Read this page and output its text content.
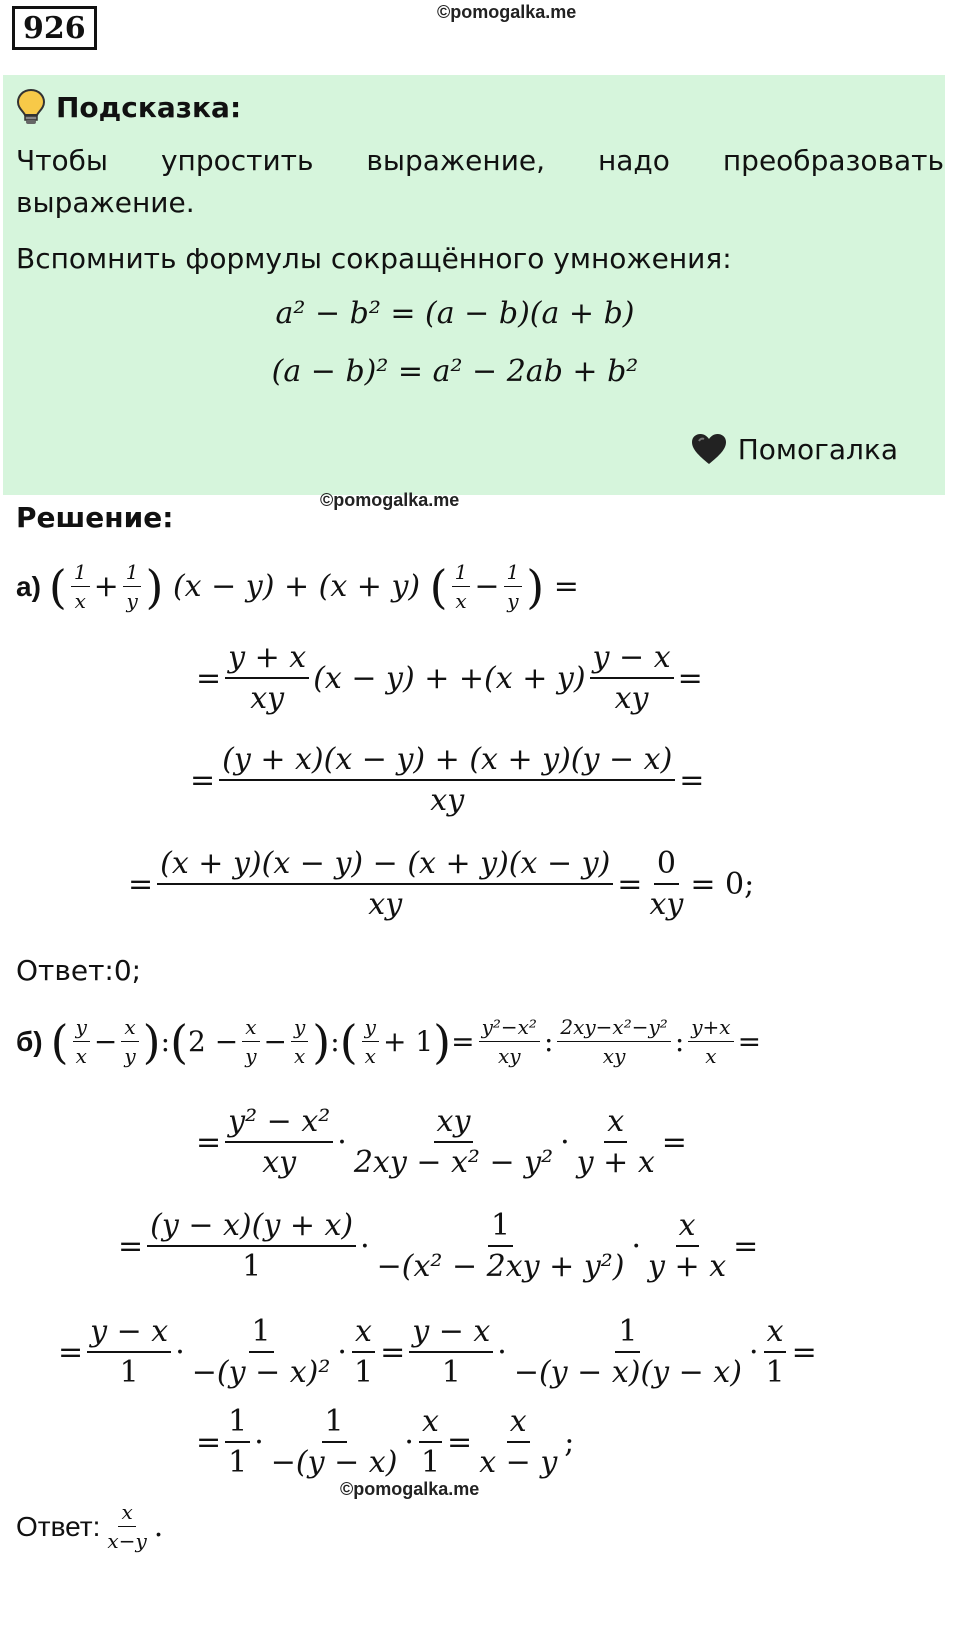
926	©pomogalka.me
Подсказка:
Чтобы упростить выражение, надо преобразовать выражение.
Вспомнить формулы сокращённого умножения:
a² − b² = (a − b)(a + b)
(a − b)² = a² − 2ab + b²
Помогалка
Решение:
©pomogalka.me
а) ( $\frac{1}{x} + \frac{1}{y}$ ) (x − y) + (x + y) ( $\frac{1}{x} - \frac{1}{y}$ ) =
= $\frac{y + x}{xy} (x - y) + +(x + y) \frac{y - x}{xy}$ =
= $\frac{(y + x)(x - y) + (x + y)(y - x)}{xy}$ =
= $\frac{(x + y)(x - y) - (x + y)(x - y)}{xy} = \frac{0}{xy} = 0$;
Ответ:0;
б) ( $\frac{y}{x} - \frac{x}{y}$ ) : ( $2 - \frac{x}{y} - \frac{y}{x}$ ) : ( $\frac{y}{x} + 1$ ) = $\frac{\text{y²−x²}}{xy}$ : $\frac{\text{2xy−x²−y²}}{xy}$ : $\frac{y+x}{x}$ =
= $\frac{\text{y² − x²}}{xy} \cdot \frac{xy}{\text{2xy − x² − y²}} \cdot \frac{x}{y + x}$ =
= $\frac{(y - x)(y + x)}{1} \cdot \frac{1}{\text{−(x² − 2xy + y²)}} \cdot \frac{x}{y + x}$ =
= $\frac{y - x}{1} \cdot \frac{1}{\text{−(y − x)²}} \cdot \frac{x}{1} = \frac{y - x}{1} \cdot \frac{1}{-(y - x)(y - x)} \cdot \frac{x}{1}$ =
= $\frac{1}{1} \cdot \frac{1}{-(y - x)} \cdot \frac{x}{1} = \frac{x}{x - y}$ ;
©pomogalka.me
Ответ: $\frac{x}{x-y}$ .
